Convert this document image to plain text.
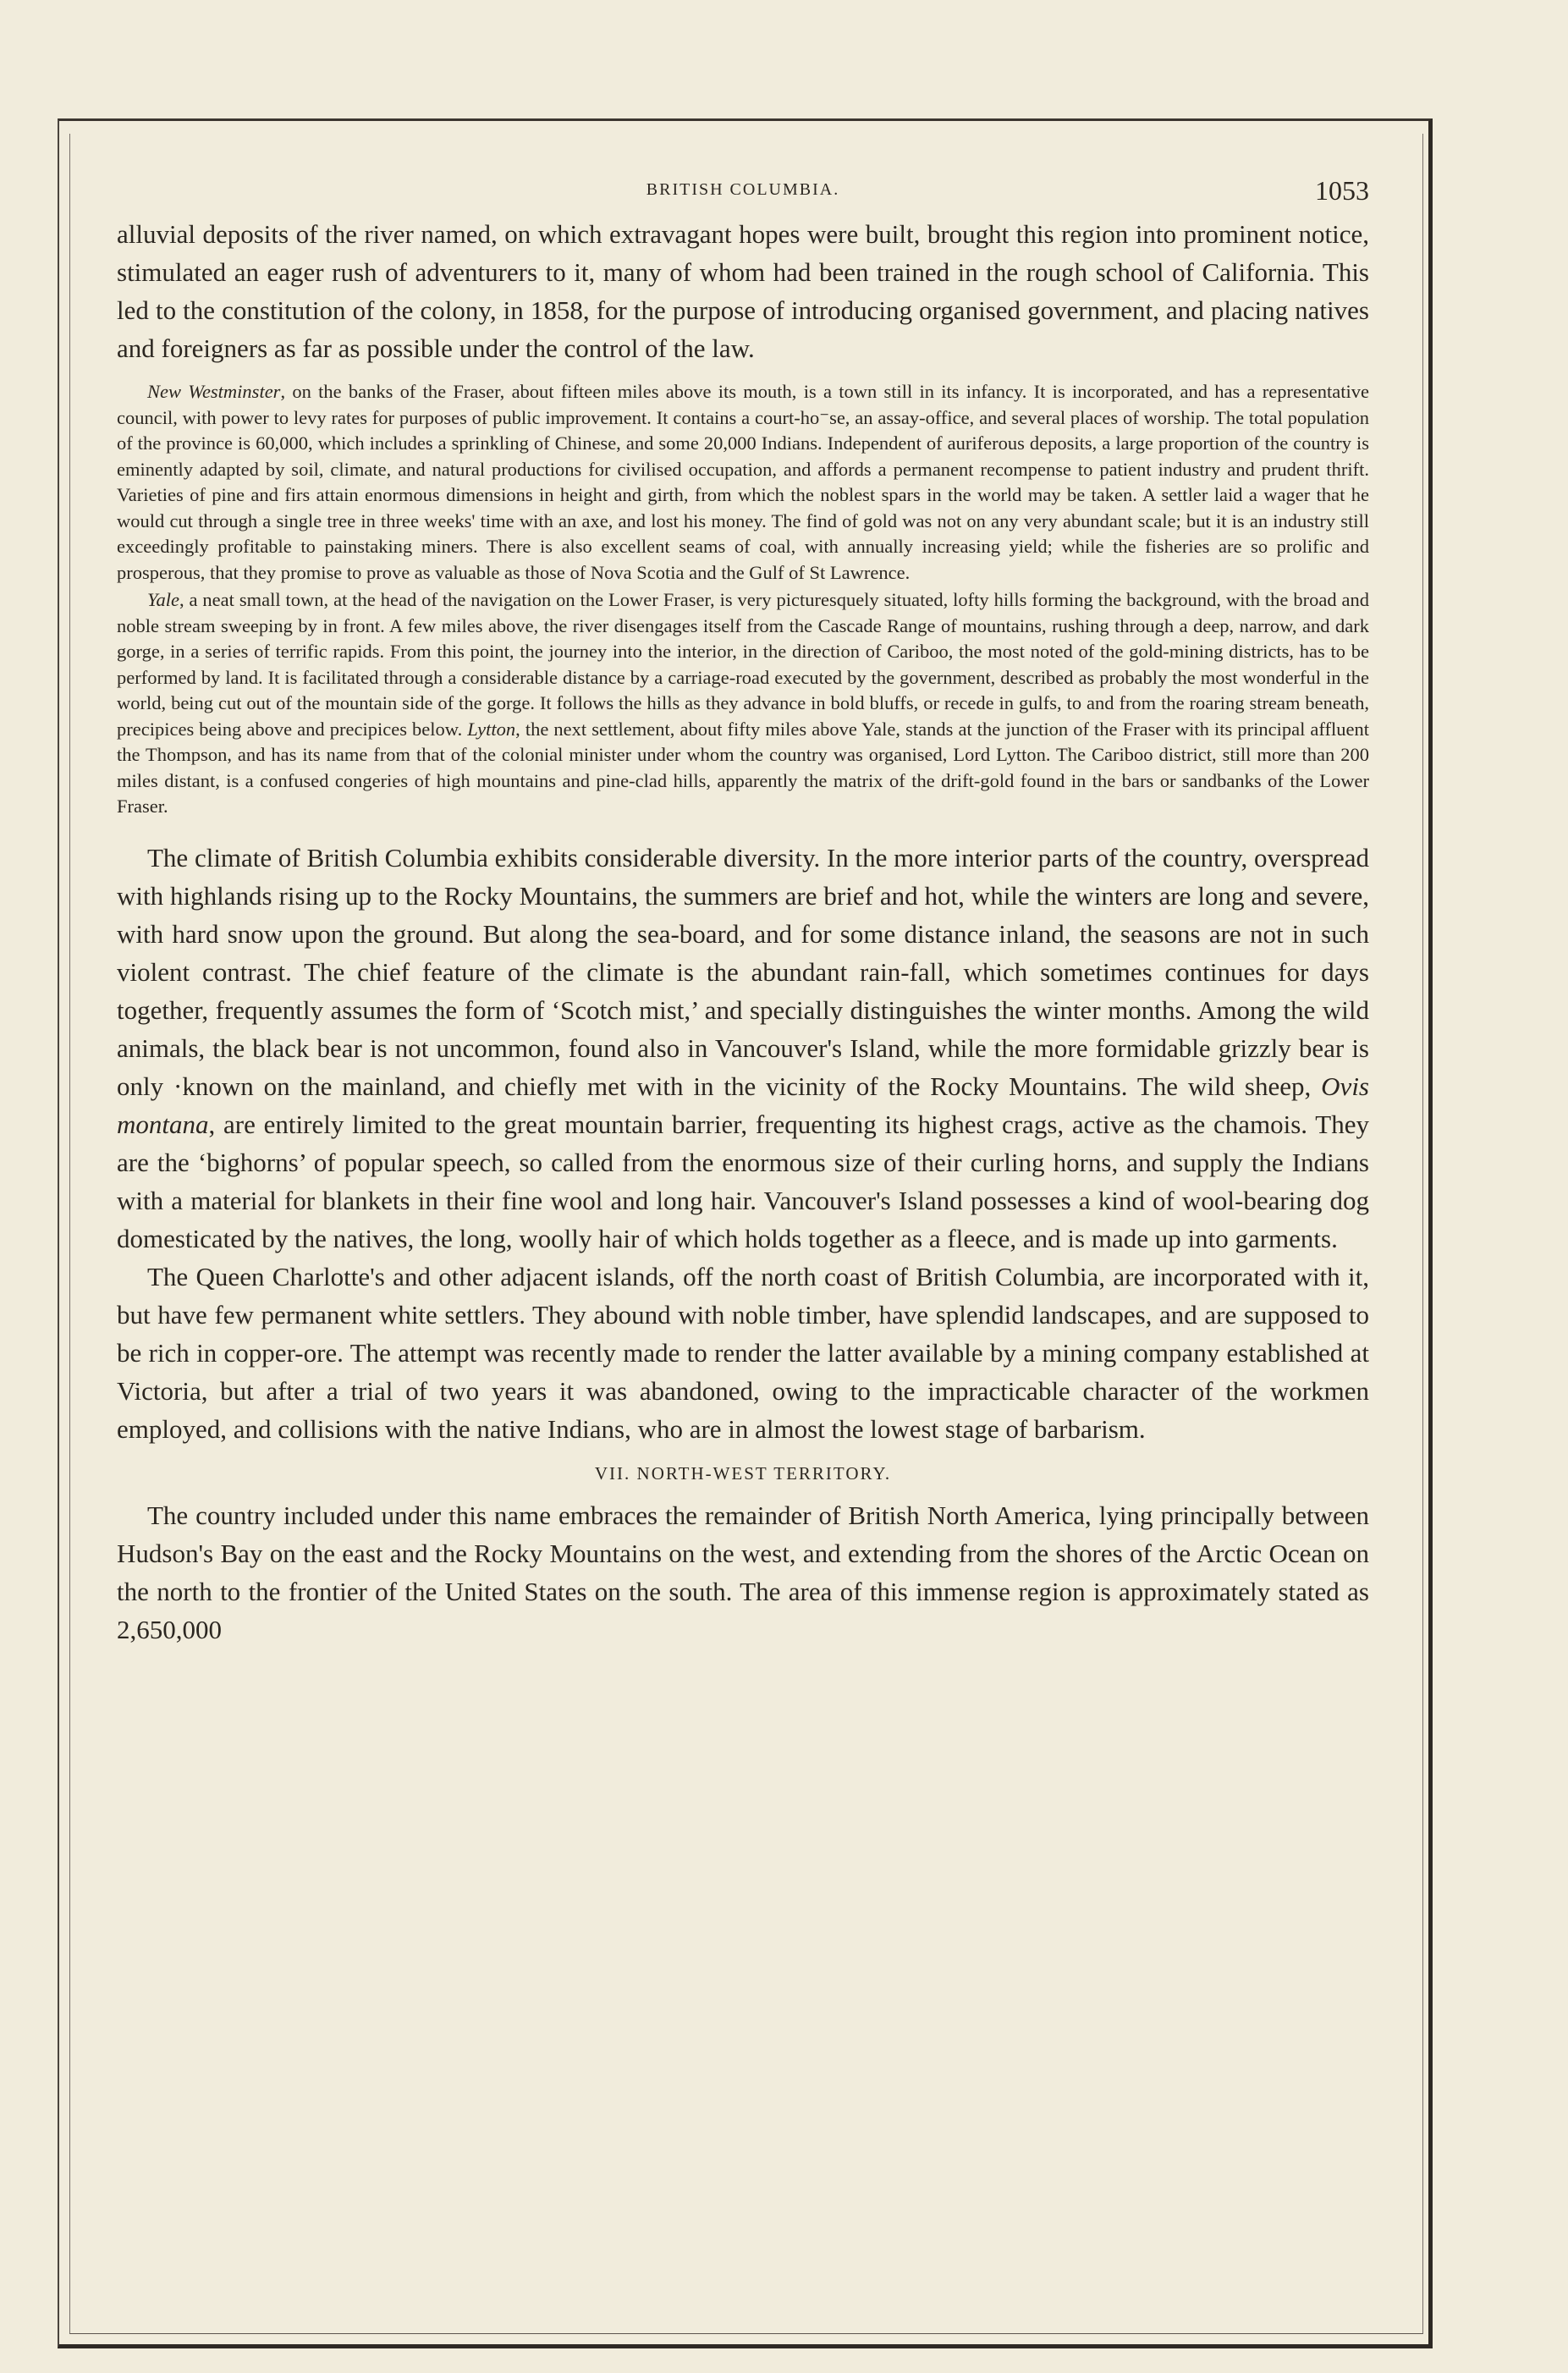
BRITISH COLUMBIA.	1053

alluvial deposits of the river named, on which extravagant hopes were built, brought this region into prominent notice, stimulated an eager rush of adventurers to it, many of whom had been trained in the rough school of California. This led to the constitution of the colony, in 1858, for the purpose of introducing organised government, and placing natives and foreigners as far as possible under the control of the law.

New Westminster, on the banks of the Fraser, about fifteen miles above its mouth, is a town still in its infancy. It is incorporated, and has a representative council, with power to levy rates for purposes of public improvement. It contains a court-ho⁻se, an assay-office, and several places of worship. The total population of the province is 60,000, which includes a sprinkling of Chinese, and some 20,000 Indians. Independent of auriferous deposits, a large proportion of the country is eminently adapted by soil, climate, and natural productions for civilised occupation, and affords a permanent recompense to patient industry and prudent thrift. Varieties of pine and firs attain enormous dimensions in height and girth, from which the noblest spars in the world may be taken. A settler laid a wager that he would cut through a single tree in three weeks' time with an axe, and lost his money. The find of gold was not on any very abundant scale; but it is an industry still exceedingly profitable to painstaking miners. There is also excellent seams of coal, with annually increasing yield; while the fisheries are so prolific and prosperous, that they promise to prove as valuable as those of Nova Scotia and the Gulf of St Lawrence.

Yale, a neat small town, at the head of the navigation on the Lower Fraser, is very picturesquely situated, lofty hills forming the background, with the broad and noble stream sweeping by in front. A few miles above, the river disengages itself from the Cascade Range of mountains, rushing through a deep, narrow, and dark gorge, in a series of terrific rapids. From this point, the journey into the interior, in the direction of Cariboo, the most noted of the gold-mining districts, has to be performed by land. It is facilitated through a considerable distance by a carriage-road executed by the government, described as probably the most wonderful in the world, being cut out of the mountain side of the gorge. It follows the hills as they advance in bold bluffs, or recede in gulfs, to and from the roaring stream beneath, precipices being above and precipices below. Lytton, the next settlement, about fifty miles above Yale, stands at the junction of the Fraser with its principal affluent the Thompson, and has its name from that of the colonial minister under whom the country was organised, Lord Lytton. The Cariboo district, still more than 200 miles distant, is a confused congeries of high mountains and pine-clad hills, apparently the matrix of the drift-gold found in the bars or sandbanks of the Lower Fraser.

The climate of British Columbia exhibits considerable diversity. In the more interior parts of the country, overspread with highlands rising up to the Rocky Mountains, the summers are brief and hot, while the winters are long and severe, with hard snow upon the ground. But along the sea-board, and for some distance inland, the seasons are not in such violent contrast. The chief feature of the climate is the abundant rain-fall, which sometimes continues for days together, frequently assumes the form of ‘Scotch mist,’ and specially distinguishes the winter months. Among the wild animals, the black bear is not uncommon, found also in Vancouver's Island, while the more formidable grizzly bear is only ·known on the mainland, and chiefly met with in the vicinity of the Rocky Mountains. The wild sheep, Ovis montana, are entirely limited to the great mountain barrier, frequenting its highest crags, active as the chamois. They are the ‘bighorns’ of popular speech, so called from the enormous size of their curling horns, and supply the Indians with a material for blankets in their fine wool and long hair. Vancouver's Island possesses a kind of wool-bearing dog domesticated by the natives, the long, woolly hair of which holds together as a fleece, and is made up into garments.

The Queen Charlotte's and other adjacent islands, off the north coast of British Columbia, are incorporated with it, but have few permanent white settlers. They abound with noble timber, have splendid landscapes, and are supposed to be rich in copper-ore. The attempt was recently made to render the latter available by a mining company established at Victoria, but after a trial of two years it was abandoned, owing to the impracticable character of the workmen employed, and collisions with the native Indians, who are in almost the lowest stage of barbarism.

VII. NORTH-WEST TERRITORY.

The country included under this name embraces the remainder of British North America, lying principally between Hudson's Bay on the east and the Rocky Mountains on the west, and extending from the shores of the Arctic Ocean on the north to the frontier of the United States on the south. The area of this immense region is approximately stated as 2,650,000
